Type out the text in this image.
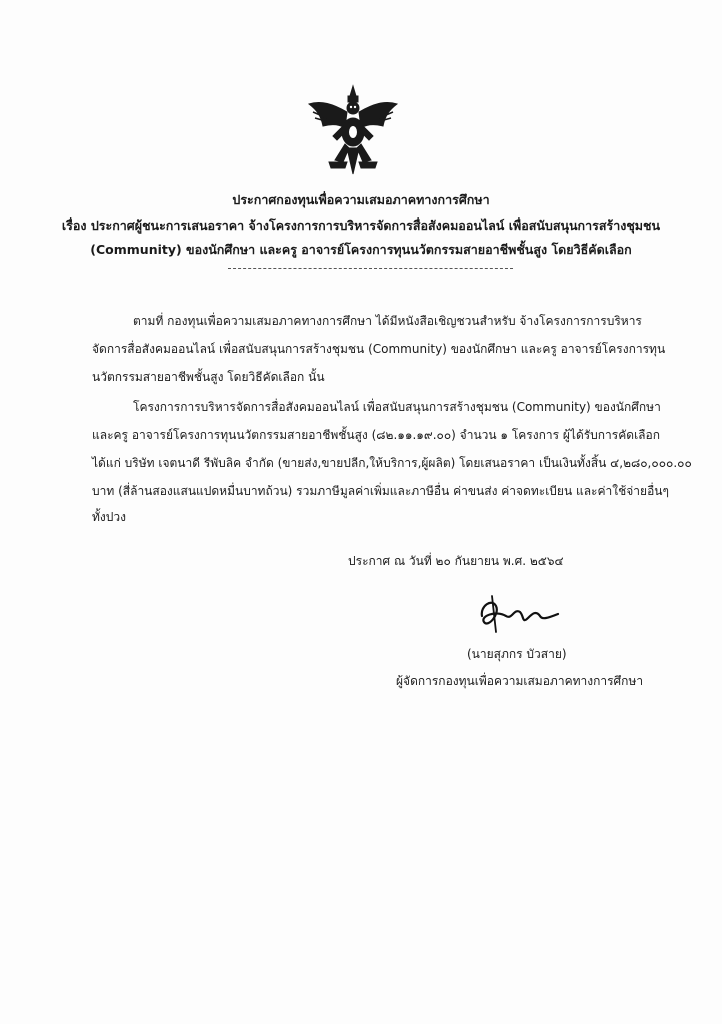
ประกาศกองทุนเพื่อความเสมอภาคทางการศึกษา
เรื่อง ประกาศผู้ชนะการเสนอราคา จ้างโครงการการบริหารจัดการสื่อสังคมออนไลน์ เพื่อสนับสนุนการสร้างชุมชน
(Community) ของนักศึกษา และครู อาจารย์โครงการทุนนวัตกรรมสายอาชีพชั้นสูง โดยวิธีคัดเลือก
ตามที่ กองทุนเพื่อความเสมอภาคทางการศึกษา ได้มีหนังสือเชิญชวนสำหรับ จ้างโครงการการบริหาร
จัดการสื่อสังคมออนไลน์ เพื่อสนับสนุนการสร้างชุมชน (Community) ของนักศึกษา และครู อาจารย์โครงการทุน
นวัตกรรมสายอาชีพชั้นสูง โดยวิธีคัดเลือก นั้น
โครงการการบริหารจัดการสื่อสังคมออนไลน์ เพื่อสนับสนุนการสร้างชุมชน (Community) ของนักศึกษา
และครู อาจารย์โครงการทุนนวัตกรรมสายอาชีพชั้นสูง (๘๒.๑๑.๑๙.๐๐) จำนวน ๑ โครงการ ผู้ได้รับการคัดเลือก
ได้แก่ บริษัท เจตนาดี รีพับลิค จำกัด (ขายส่ง,ขายปลีก,ให้บริการ,ผู้ผลิต) โดยเสนอราคา เป็นเงินทั้งสิ้น ๔,๒๘๐,๐๐๐.๐๐
บาท (สี่ล้านสองแสนแปดหมื่นบาทถ้วน) รวมภาษีมูลค่าเพิ่มและภาษีอื่น ค่าขนส่ง ค่าจดทะเบียน และค่าใช้จ่ายอื่นๆ
ทั้งปวง
ประกาศ ณ วันที่ ๒๐ กันยายน พ.ศ. ๒๕๖๔
(นายสุภกร บัวสาย)
ผู้จัดการกองทุนเพื่อความเสมอภาคทางการศึกษา
